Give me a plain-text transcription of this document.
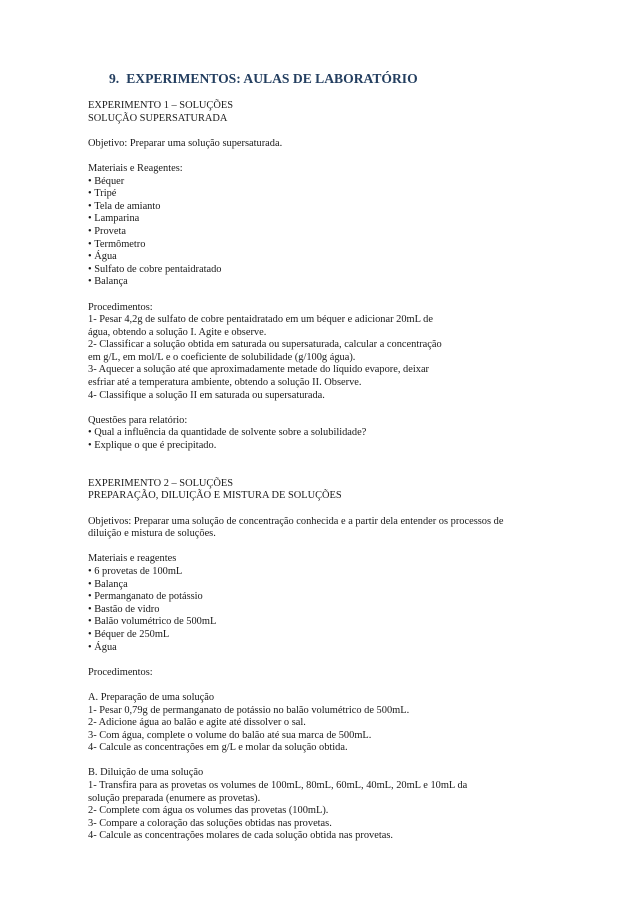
9. EXPERIMENTOS: AULAS DE LABORATÓRIO
EXPERIMENTO 1 – SOLUÇÕES
SOLUÇÃO SUPERSATURADA
Objetivo: Preparar uma solução supersaturada.
Materiais e Reagentes:
• Béquer
• Tripé
• Tela de amianto
• Lamparina
• Proveta
• Termômetro
• Água
• Sulfato de cobre pentaidratado
• Balança
Procedimentos:
1- Pesar 4,2g de sulfato de cobre pentaidratado em um béquer e adicionar 20mL de
água, obtendo a solução I. Agite e observe.
2- Classificar a solução obtida em saturada ou supersaturada, calcular a concentração
em g/L, em mol/L e o coeficiente de solubilidade (g/100g água).
3- Aquecer a solução até que aproximadamente metade do líquido evapore, deixar
esfriar até a temperatura ambiente, obtendo a solução II. Observe.
4- Classifique a solução II em saturada ou supersaturada.
Questões para relatório:
• Qual a influência da quantidade de solvente sobre a solubilidade?
• Explique o que é precipitado.
EXPERIMENTO 2 – SOLUÇÕES
PREPARAÇÃO, DILUIÇÃO E MISTURA DE SOLUÇÕES
Objetivos: Preparar uma solução de concentração conhecida e a partir dela entender os processos de diluição e mistura de soluções.
Materiais e reagentes
• 6 provetas de 100mL
• Balança
• Permanganato de potássio
• Bastão de vidro
• Balão volumétrico de 500mL
• Béquer de 250mL
• Água
Procedimentos:
A. Preparação de uma solução
1- Pesar 0,79g de permanganato de potássio no balão volumétrico de 500mL.
2- Adicione água ao balão e agite até dissolver o sal.
3- Com água, complete o volume do balão até sua marca de 500mL.
4- Calcule as concentrações em g/L e molar da solução obtida.
B. Diluição de uma solução
1- Transfira para as provetas os volumes de 100mL, 80mL, 60mL, 40mL, 20mL e 10mL da
solução preparada (enumere as provetas).
2- Complete com água os volumes das provetas (100mL).
3- Compare a coloração das soluções obtidas nas provetas.
4- Calcule as concentrações molares de cada solução obtida nas provetas.
